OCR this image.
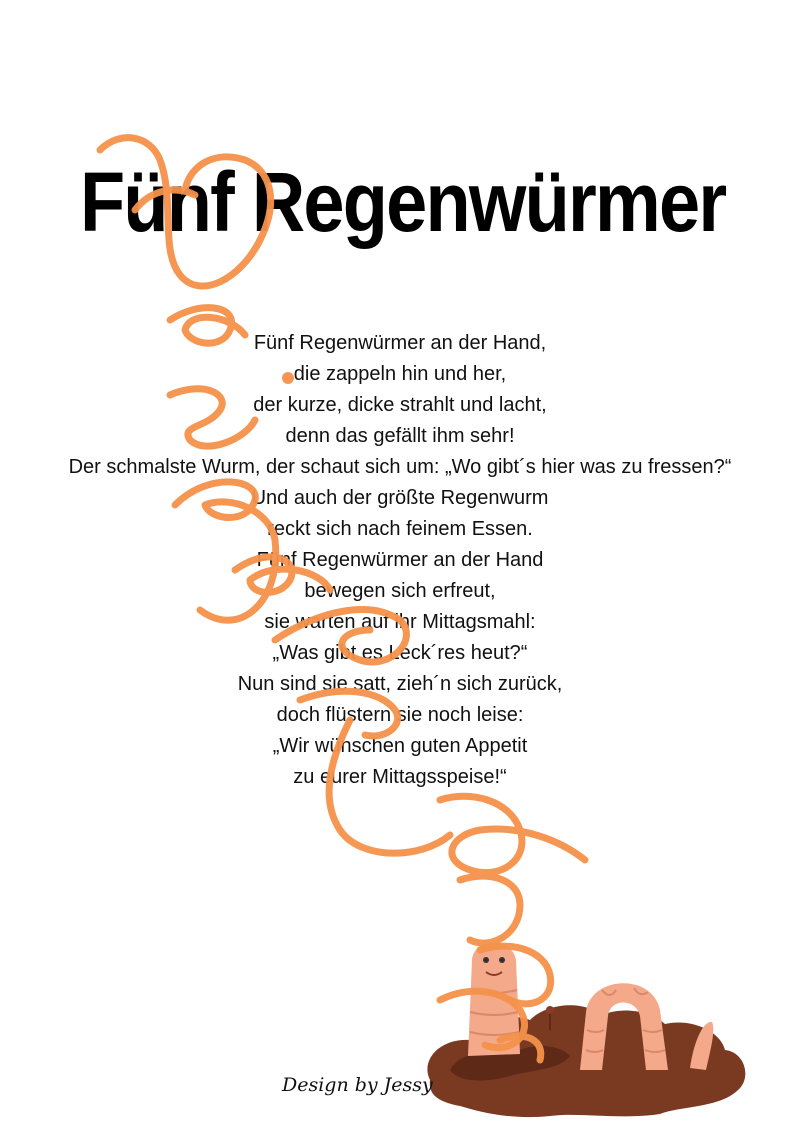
Fünf Regenwürmer
Fünf Regenwürmer an der Hand,
die zappeln hin und her,
der kurze, dicke strahlt und lacht,
denn das gefällt ihm sehr!
Der schmalste Wurm, der schaut sich um: „Wo gibt´s hier was zu fressen?“
Und auch der größte Regenwurm
reckt sich nach feinem Essen.
Fünf Regenwürmer an der Hand
bewegen sich erfreut,
sie warten auf ihr Mittagsmahl:
„Was gibt es Leck´res heut?“
Nun sind sie satt, zieh´n sich zurück,
doch flüstern sie noch leise:
„Wir wünschen guten Appetit
zu eurer Mittagsspeise!“
Design by Jessy
